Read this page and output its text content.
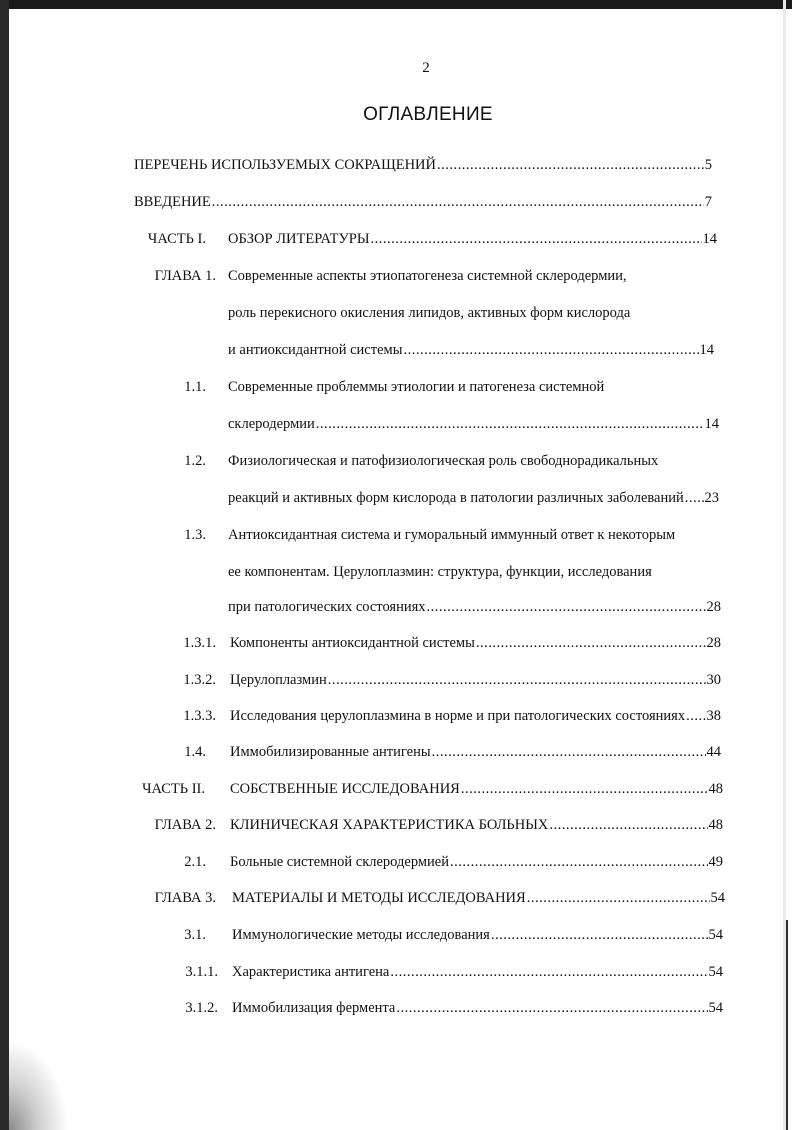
2
ОГЛАВЛЕНИЕ
ПЕРЕЧЕНЬ ИСПОЛЬЗУЕМЫХ СОКРАЩЕНИЙ .....	5
ВВЕДЕНИЕ .....	7
ЧАСТЬ I. ОБЗОР ЛИТЕРАТУРЫ .....	14
ГЛАВА 1. Современные аспекты этиопатогенеза системной склеродермии,
роль перекисного окисления липидов, активных форм кислорода
и антиоксидантной системы .....	14
1.1. Современные проблеммы этиологии и патогенеза системной
склеродермии .....	14
1.2. Физиологическая и патофизиологическая роль свободнорадикальных
реакций и активных форм кислорода в патологии различных заболеваний ..... 23
1.3. Антиоксидантная система и гуморальный иммунный ответ к некоторым
ее компонентам. Церулоплазмин: структура, функции, исследования
при патологических состояниях .....	28
1.3.1. Компоненты антиоксидантной системы .....	28
1.3.2. Церулоплазмин .....	30
1.3.3. Исследования церулоплазмина в норме и при патологических состояниях ..... 38
1.4. Иммобилизированные антигены .....	44
ЧАСТЬ II. СОБСТВЕННЫЕ ИССЛЕДОВАНИЯ .....	48
ГЛАВА 2. КЛИНИЧЕСКАЯ ХАРАКТЕРИСТИКА БОЛЬНЫХ .....	48
2.1. Больные системной склеродермией .....	49
ГЛАВА 3. МАТЕРИАЛЫ И МЕТОДЫ ИССЛЕДОВАНИЯ .....	54
3.1. Иммунологические методы исследования .....	54
3.1.1. Характеристика антигена .....	54
3.1.2. Иммобилизация фермента .....	54
